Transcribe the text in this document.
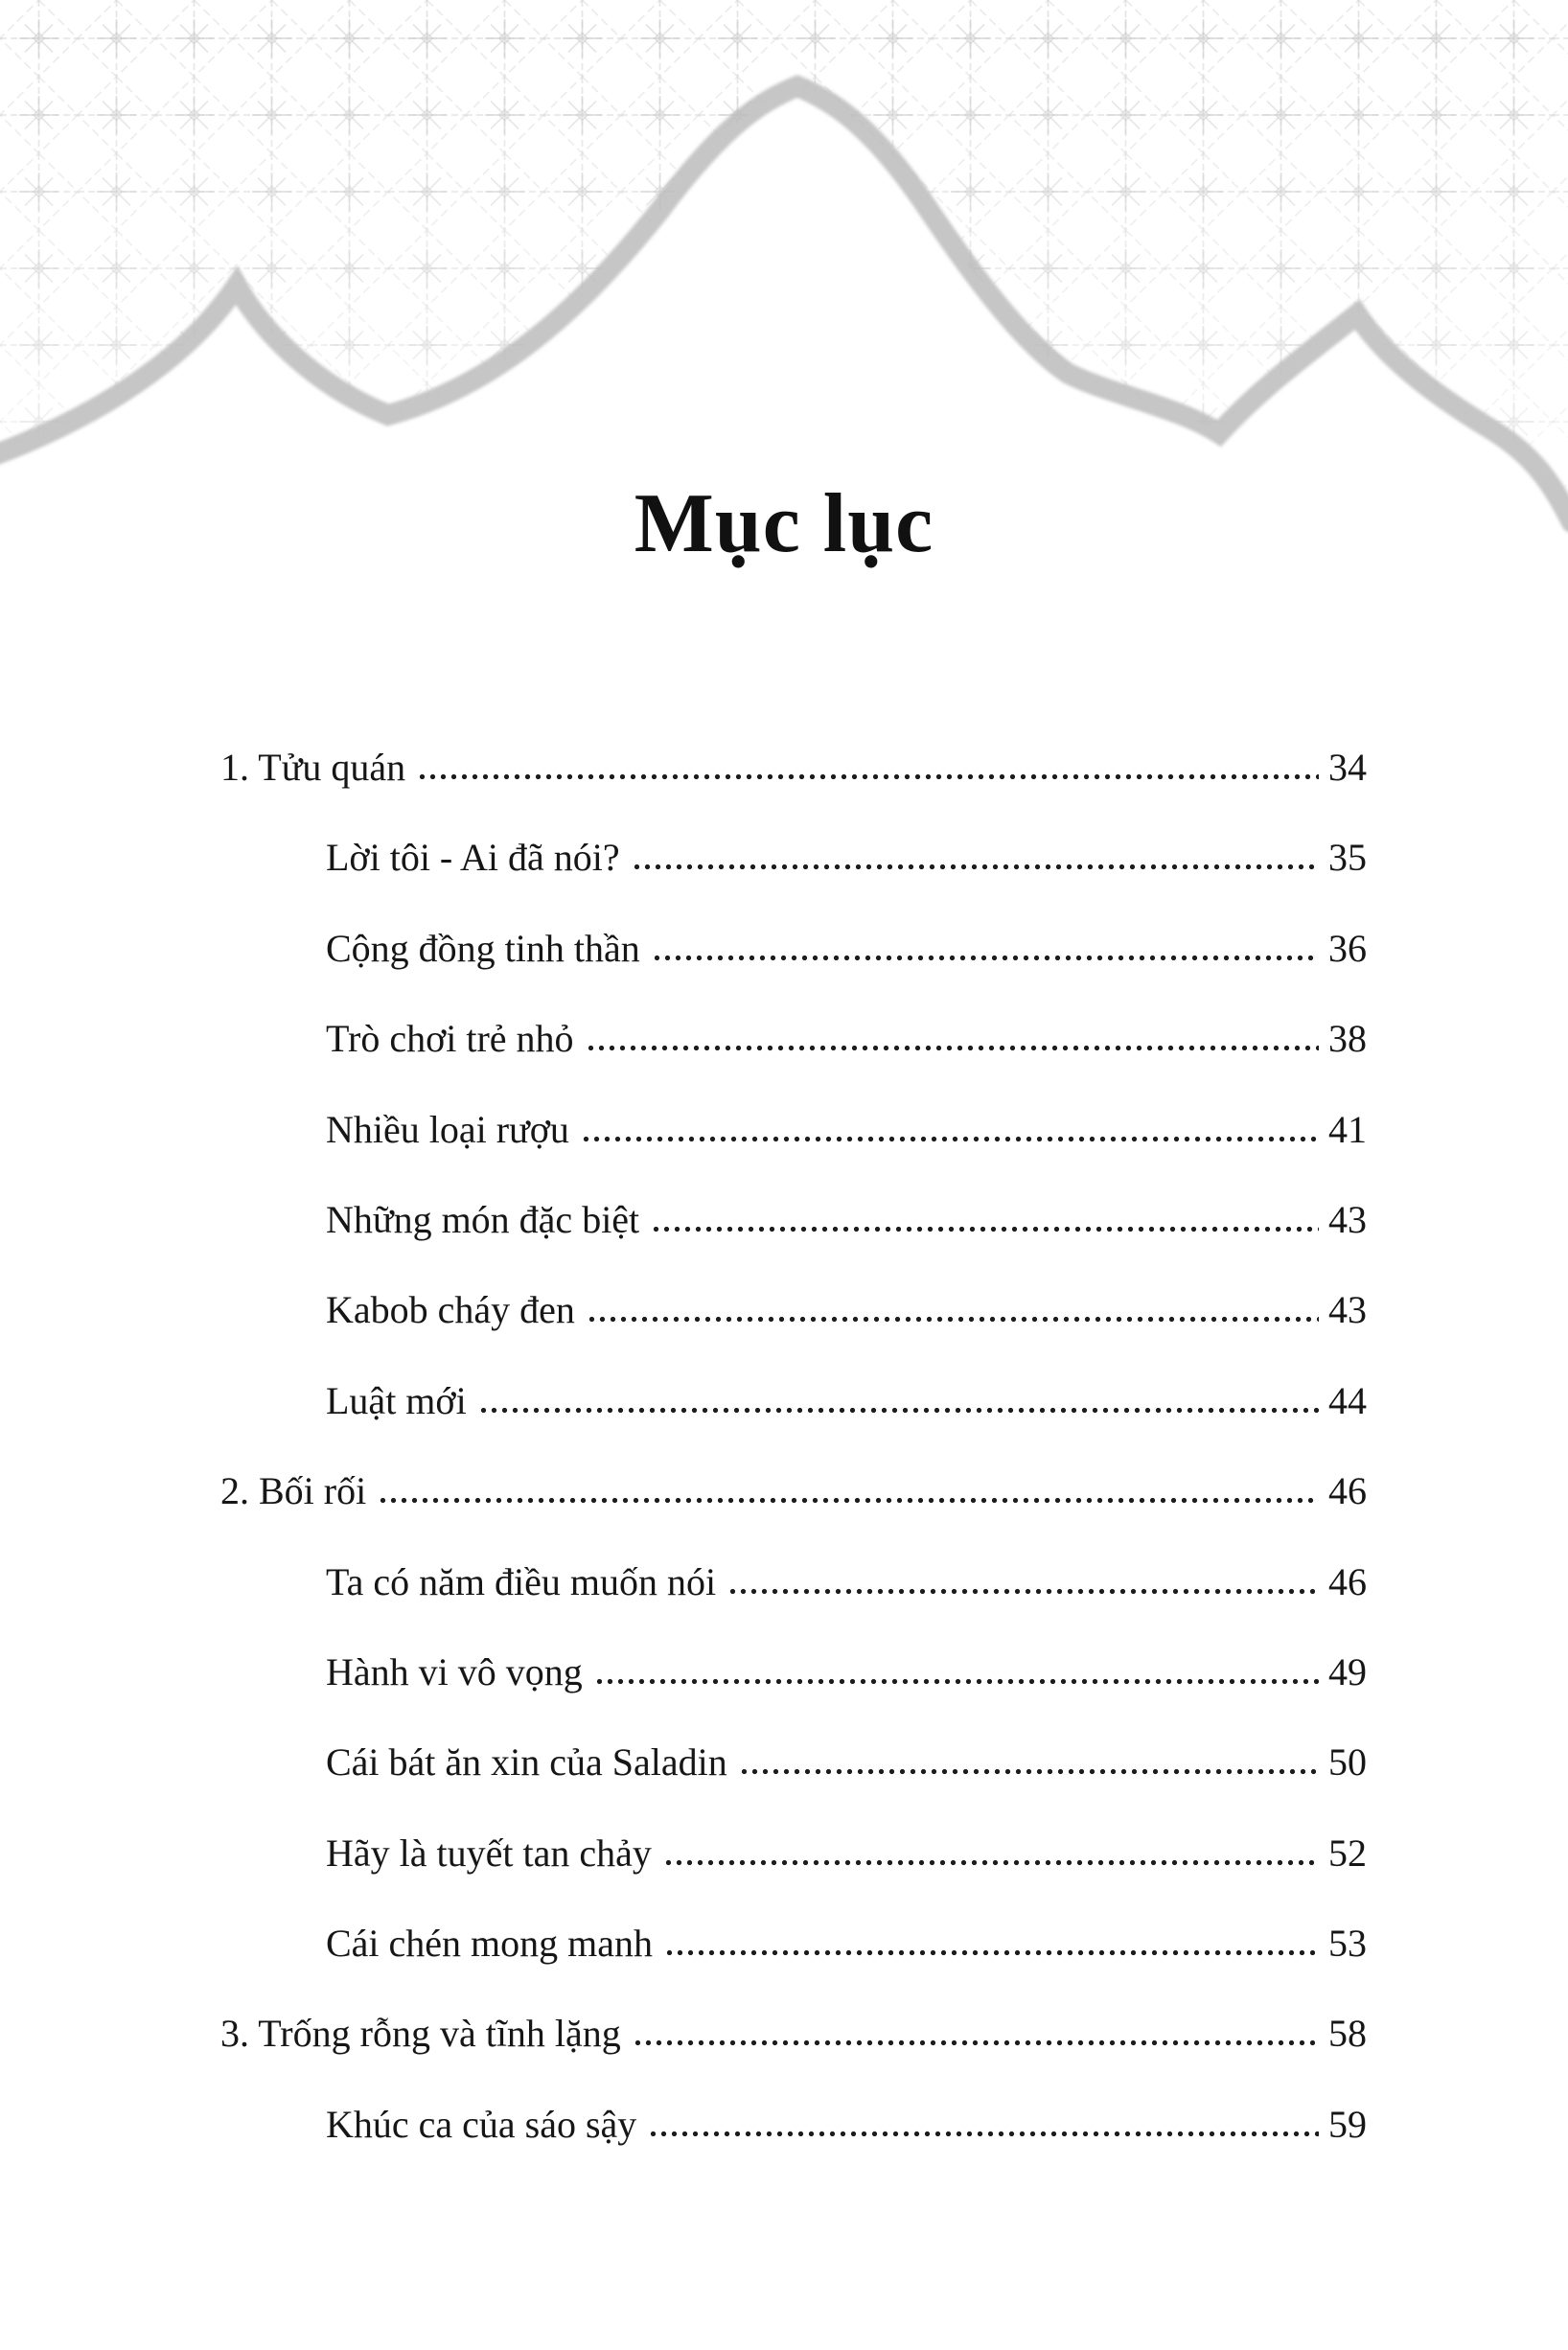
Mục lục
1. Tửu quán	34
Lời tôi - Ai đã nói?	35
Cộng đồng tinh thần	36
Trò chơi trẻ nhỏ	38
Nhiều loại rượu	41
Những món đặc biệt	43
Kabob cháy đen	43
Luật mới	44
2. Bối rối	46
Ta có năm điều muốn nói	46
Hành vi vô vọng	49
Cái bát ăn xin của Saladin	50
Hãy là tuyết tan chảy	52
Cái chén mong manh	53
3. Trống rỗng và tĩnh lặng	58
Khúc ca của sáo sậy	59
